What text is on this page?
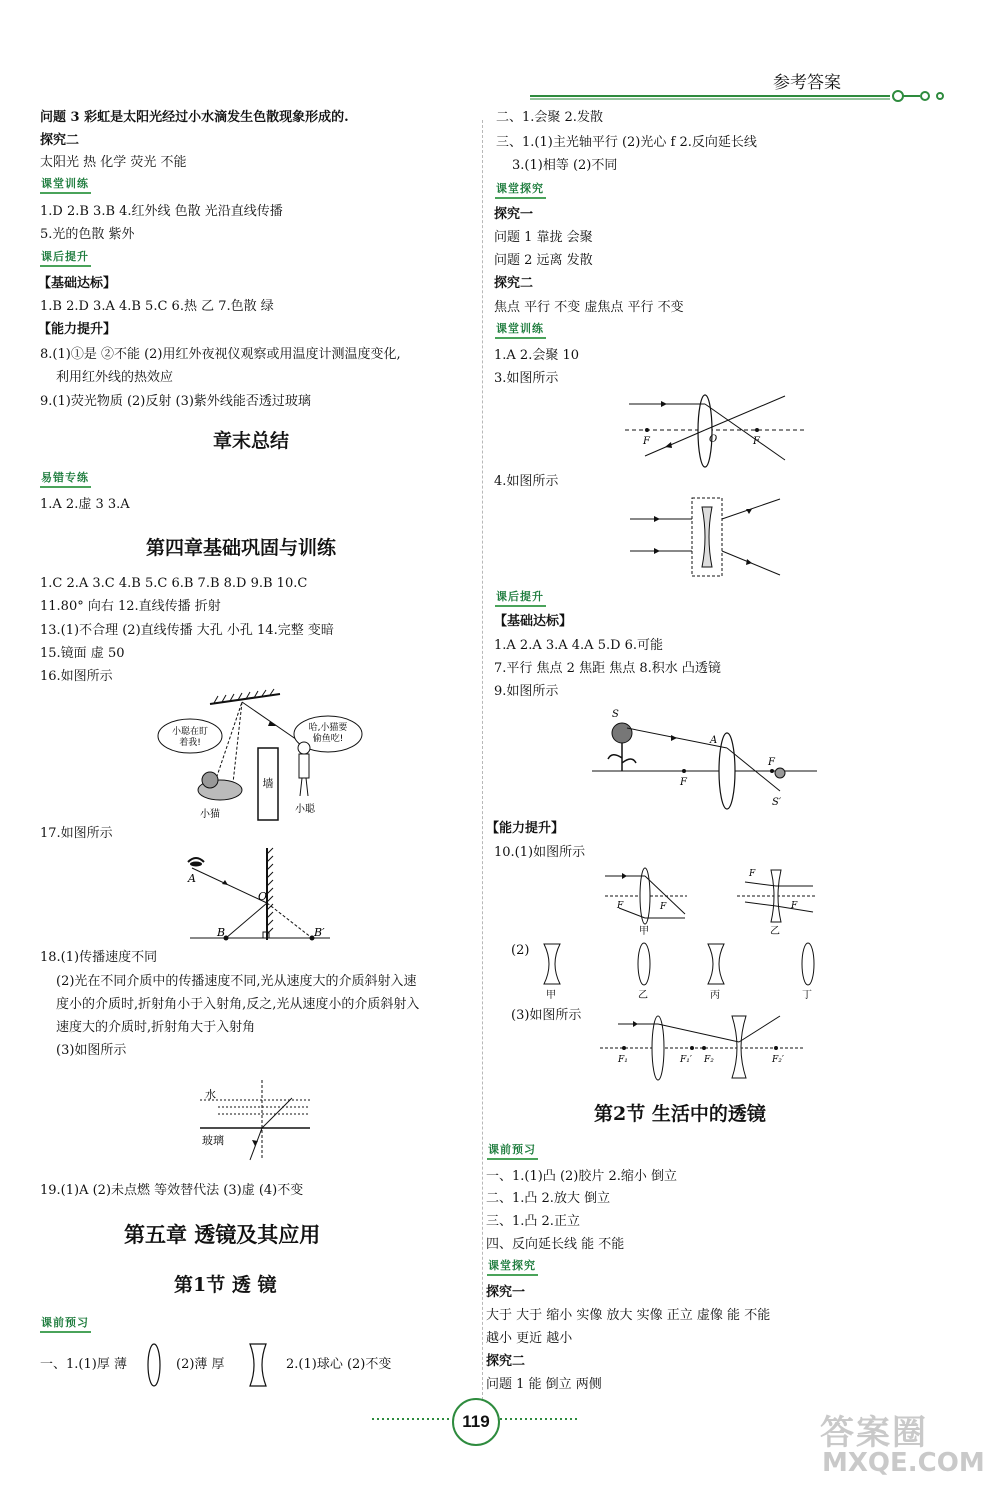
参考答案
问题 3 彩虹是太阳光经过小水滴发生色散现象形成的.
探究二
太阳光 热 化学 荧光 不能
课堂训练
1.D 2.B 3.B 4.红外线 色散 光沿直线传播
5.光的色散 紫外
课后提升
【基础达标】
1.B 2.D 3.A 4.B 5.C 6.热 乙 7.色散 绿
【能力提升】
8.(1)①是 ②不能 (2)用红外夜视仪观察或用温度计测温度变化,
利用红外线的热效应
9.(1)荧光物质 (2)反射 (3)紫外线能否透过玻璃
章末总结
易错专练
1.A 2.虚 3 3.A
第四章基础巩固与训练
1.C 2.A 3.C 4.B 5.C 6.B 7.B 8.D 9.B 10.C
11.80° 向右 12.直线传播 折射
13.(1)不合理 (2)直线传播 大孔 小孔 14.完整 变暗
15.镜面 虚 50
16.如图所示
小聪在盯着我!
哈,小猫要偷鱼吃!
墙
小猫	小聪
17.如图所示
A
O
B	B′
18.(1)传播速度不同
(2)光在不同介质中的传播速度不同,光从速度大的介质斜射入速
度小的介质时,折射角小于入射角,反之,光从速度小的介质斜射入
速度大的介质时,折射角大于入射角
(3)如图所示
水
玻璃
19.(1)A (2)未点燃 等效替代法 (3)虚 (4)不变
第五章 透镜及其应用
第1节 透 镜
课前预习
一、1.(1)厚 薄	(2)薄 厚	2.(1)球心 (2)不变
二、1.会聚 2.发散
三、1.(1)主光轴平行 (2)光心 f 2.反向延长线
3.(1)相等 (2)不同
课堂探究
探究一
问题 1 靠拢 会聚
问题 2 远离 发散
探究二
焦点 平行 不变 虚焦点 平行 不变
课堂训练
1.A 2.会聚 10
3.如图所示
F	O	F
4.如图所示
课后提升
【基础达标】
1.A 2.A 3.A 4.A 5.D 6.可能
7.平行 焦点 2 焦距 焦点 8.积水 凸透镜
9.如图所示
S
A
F
F
S′
【能力提升】
10.(1)如图所示
F	F
甲
F
F
乙
(2)
甲	乙	丙	丁
(3)如图所示
F₁	F₁′ F₂	F₂′
第2节 生活中的透镜
课前预习
一、1.(1)凸 (2)胶片 2.缩小 倒立
二、1.凸 2.放大 倒立
三、1.凸 2.正立
四、反向延长线 能 不能
课堂探究
探究一
大于 大于 缩小 实像 放大 实像 正立 虚像 能 不能
越小 更近 越小
探究二
问题 1 能 倒立 两侧
119	答案圈
MXQE.COM
